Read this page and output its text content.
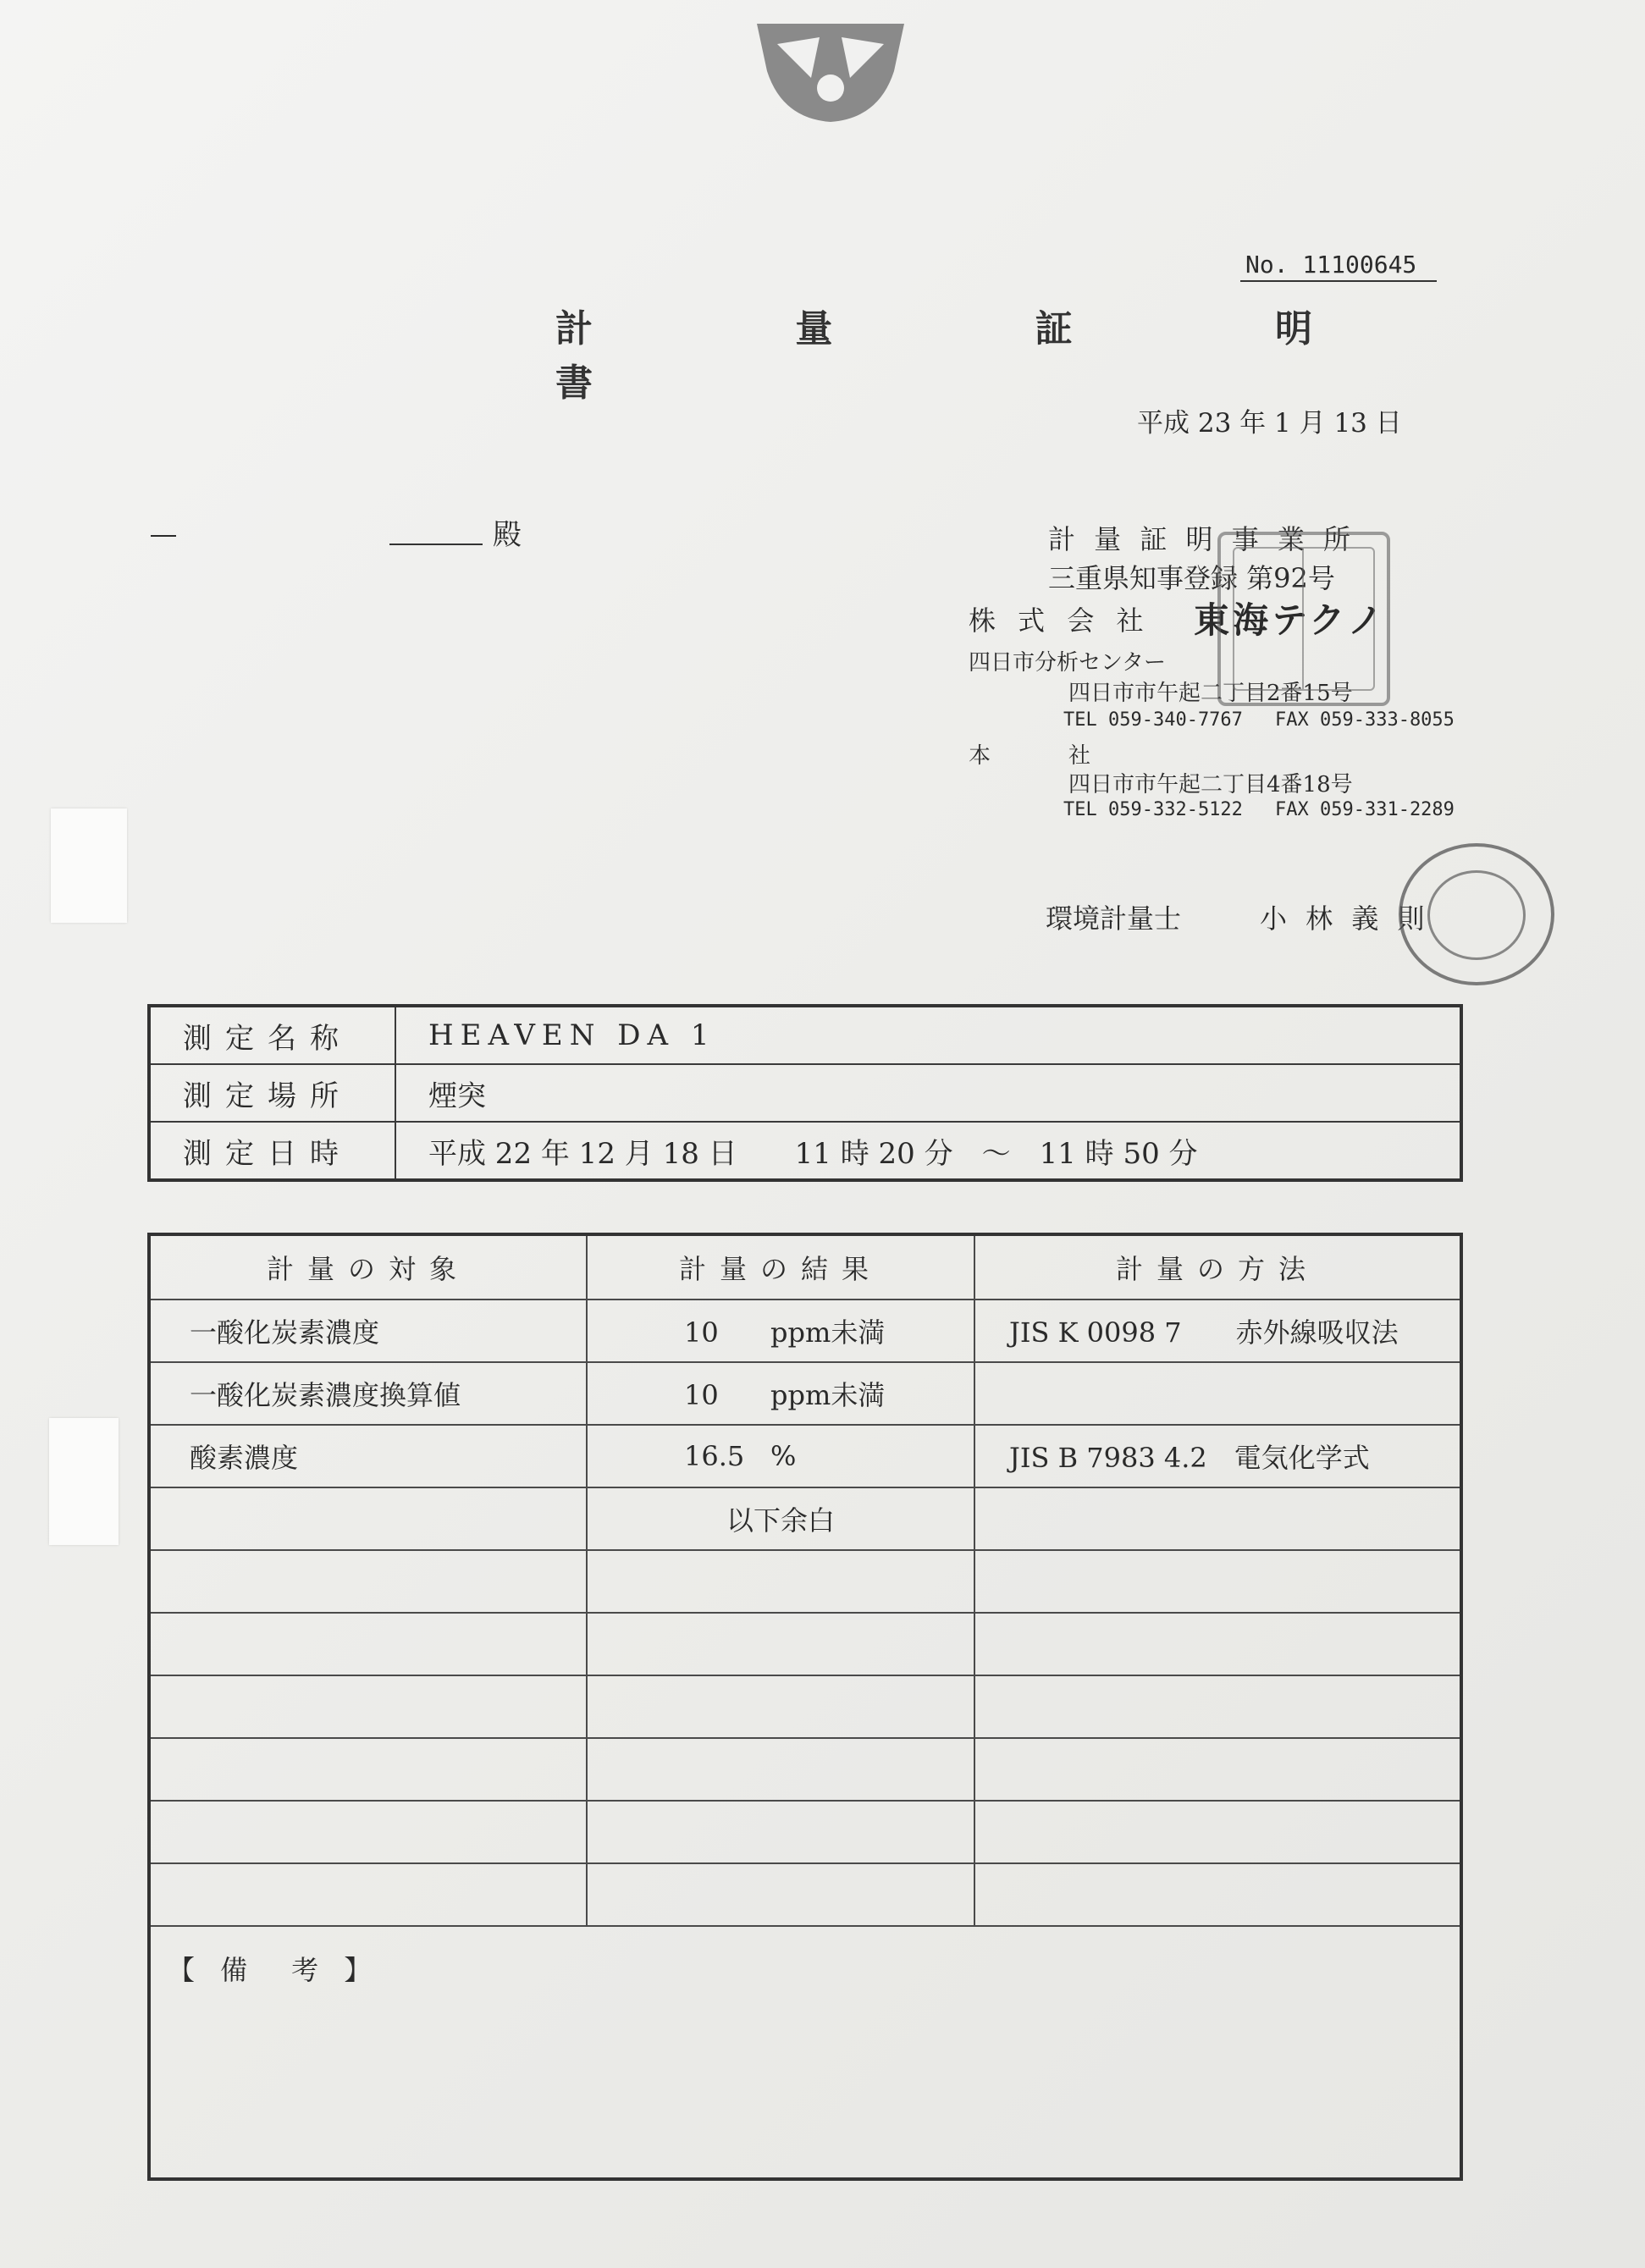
No. 11100645
計 量 証 明 書
平成 23 年 1 月 13 日
―	殿	計 量 証 明 事 業 所
三重県知事登録 第92号
株 式 会 社 東海テクノ
四日市分析センター
四日市市午起二丁目2番15号
TEL 059-340-7767 FAX 059-333-8055
本	社
四日市市午起二丁目4番18号
TEL 059-332-5122 FAX 059-331-2289
環境計量士	小 林 義 則
測定名称	HEAVEN DA 1
測定場所	煙突
測定日時	平成 22 年 12 月 18 日　　11 時 20 分　～　11 時 50 分
計量の対象	計量の結果	計量の方法
一酸化炭素濃度	10 ppm未満	JIS K 0098 7　　赤外線吸収法
一酸化炭素濃度換算値	10 ppm未満	
酸素濃度	16.5 %	JIS B 7983 4.2　電気化学式
	以下余白	

【 備　考 】		
